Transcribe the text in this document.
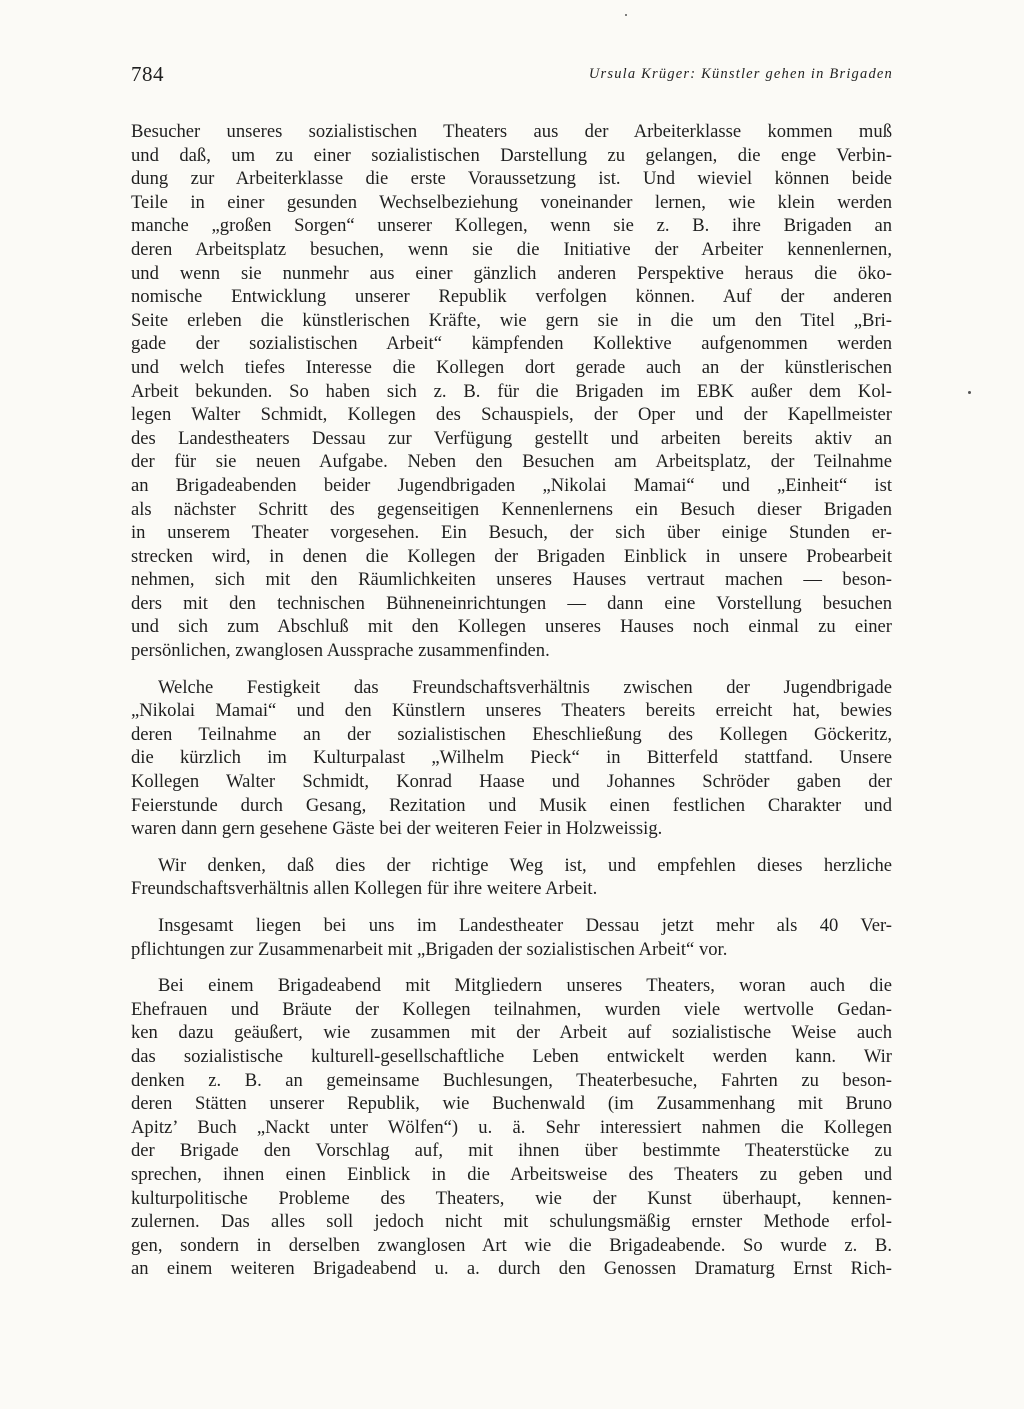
784	Ursula Krüger: Künstler gehen in Brigaden
Besucher unseres sozialistischen Theaters aus der Arbeiterklasse kommen muß
und daß, um zu einer sozialistischen Darstellung zu gelangen, die enge Verbin-
dung zur Arbeiterklasse die erste Voraussetzung ist. Und wieviel können beide
Teile in einer gesunden Wechselbeziehung voneinander lernen, wie klein werden
manche „großen Sorgen“ unserer Kollegen, wenn sie z. B. ihre Brigaden an
deren Arbeitsplatz besuchen, wenn sie die Initiative der Arbeiter kennenlernen,
und wenn sie nunmehr aus einer gänzlich anderen Perspektive heraus die öko-
nomische Entwicklung unserer Republik verfolgen können. Auf der anderen
Seite erleben die künstlerischen Kräfte, wie gern sie in die um den Titel „Bri-
gade der sozialistischen Arbeit“ kämpfenden Kollektive aufgenommen werden
und welch tiefes Interesse die Kollegen dort gerade auch an der künstlerischen
Arbeit bekunden. So haben sich z. B. für die Brigaden im EBK außer dem Kol-
legen Walter Schmidt, Kollegen des Schauspiels, der Oper und der Kapellmeister
des Landestheaters Dessau zur Verfügung gestellt und arbeiten bereits aktiv an
der für sie neuen Aufgabe. Neben den Besuchen am Arbeitsplatz, der Teilnahme
an Brigadeabenden beider Jugendbrigaden „Nikolai Mamai“ und „Einheit“ ist
als nächster Schritt des gegenseitigen Kennenlernens ein Besuch dieser Brigaden
in unserem Theater vorgesehen. Ein Besuch, der sich über einige Stunden er-
strecken wird, in denen die Kollegen der Brigaden Einblick in unsere Probearbeit
nehmen, sich mit den Räumlichkeiten unseres Hauses vertraut machen — beson-
ders mit den technischen Bühneneinrichtungen — dann eine Vorstellung besuchen
und sich zum Abschluß mit den Kollegen unseres Hauses noch einmal zu einer
persönlichen, zwanglosen Aussprache zusammenfinden.
Welche Festigkeit das Freundschaftsverhältnis zwischen der Jugendbrigade
„Nikolai Mamai“ und den Künstlern unseres Theaters bereits erreicht hat, bewies
deren Teilnahme an der sozialistischen Eheschließung des Kollegen Göckeritz,
die kürzlich im Kulturpalast „Wilhelm Pieck“ in Bitterfeld stattfand. Unsere
Kollegen Walter Schmidt, Konrad Haase und Johannes Schröder gaben der
Feierstunde durch Gesang, Rezitation und Musik einen festlichen Charakter und
waren dann gern gesehene Gäste bei der weiteren Feier in Holzweissig.
Wir denken, daß dies der richtige Weg ist, und empfehlen dieses herzliche
Freundschaftsverhältnis allen Kollegen für ihre weitere Arbeit.
Insgesamt liegen bei uns im Landestheater Dessau jetzt mehr als 40 Ver-
pflichtungen zur Zusammenarbeit mit „Brigaden der sozialistischen Arbeit“ vor.
Bei einem Brigadeabend mit Mitgliedern unseres Theaters, woran auch die
Ehefrauen und Bräute der Kollegen teilnahmen, wurden viele wertvolle Gedan-
ken dazu geäußert, wie zusammen mit der Arbeit auf sozialistische Weise auch
das sozialistische kulturell-gesellschaftliche Leben entwickelt werden kann. Wir
denken z. B. an gemeinsame Buchlesungen, Theaterbesuche, Fahrten zu beson-
deren Stätten unserer Republik, wie Buchenwald (im Zusammenhang mit Bruno
Apitz’ Buch „Nackt unter Wölfen“) u. ä. Sehr interessiert nahmen die Kollegen
der Brigade den Vorschlag auf, mit ihnen über bestimmte Theaterstücke zu
sprechen, ihnen einen Einblick in die Arbeitsweise des Theaters zu geben und
kulturpolitische Probleme des Theaters, wie der Kunst überhaupt, kennen-
zulernen. Das alles soll jedoch nicht mit schulungsmäßig ernster Methode erfol-
gen, sondern in derselben zwanglosen Art wie die Brigadeabende. So wurde z. B.
an einem weiteren Brigadeabend u. a. durch den Genossen Dramaturg Ernst Rich-
